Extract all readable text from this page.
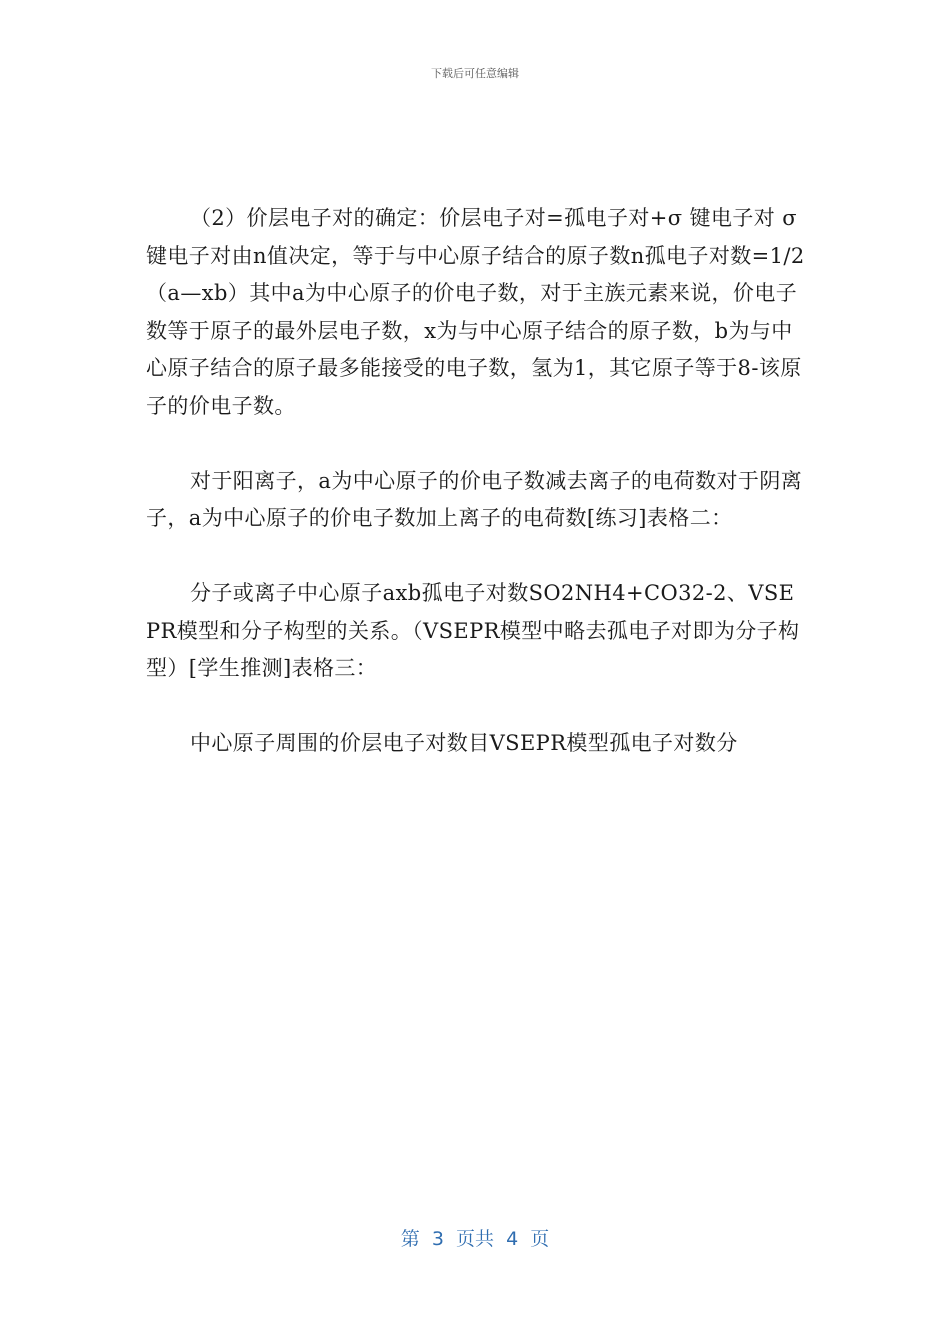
下载后可任意编辑

（2）价层电子对的确定：价层电子对=孤电子对+σ 键电子对 σ 键电子对由n值决定，等于与中心原子结合的原子数n孤电子对数=1/2（a—xb）其中a为中心原子的价电子数，对于主族元素来说，价电子数等于原子的最外层电子数，x为与中心原子结合的原子数，b为与中心原子结合的原子最多能接受的电子数，氢为1，其它原子等于8-该原子的价电子数。

对于阳离子，a为中心原子的价电子数减去离子的电荷数对于阴离子，a为中心原子的价电子数加上离子的电荷数[练习]表格二：

分子或离子中心原子axb孤电子对数SO2NH4+CO32-2、VSEPR模型和分子构型的关系。（VSEPR模型中略去孤电子对即为分子构型）[学生推测]表格三：

中心原子周围的价层电子对数目VSEPR模型孤电子对数分

第  3  页共  4  页
